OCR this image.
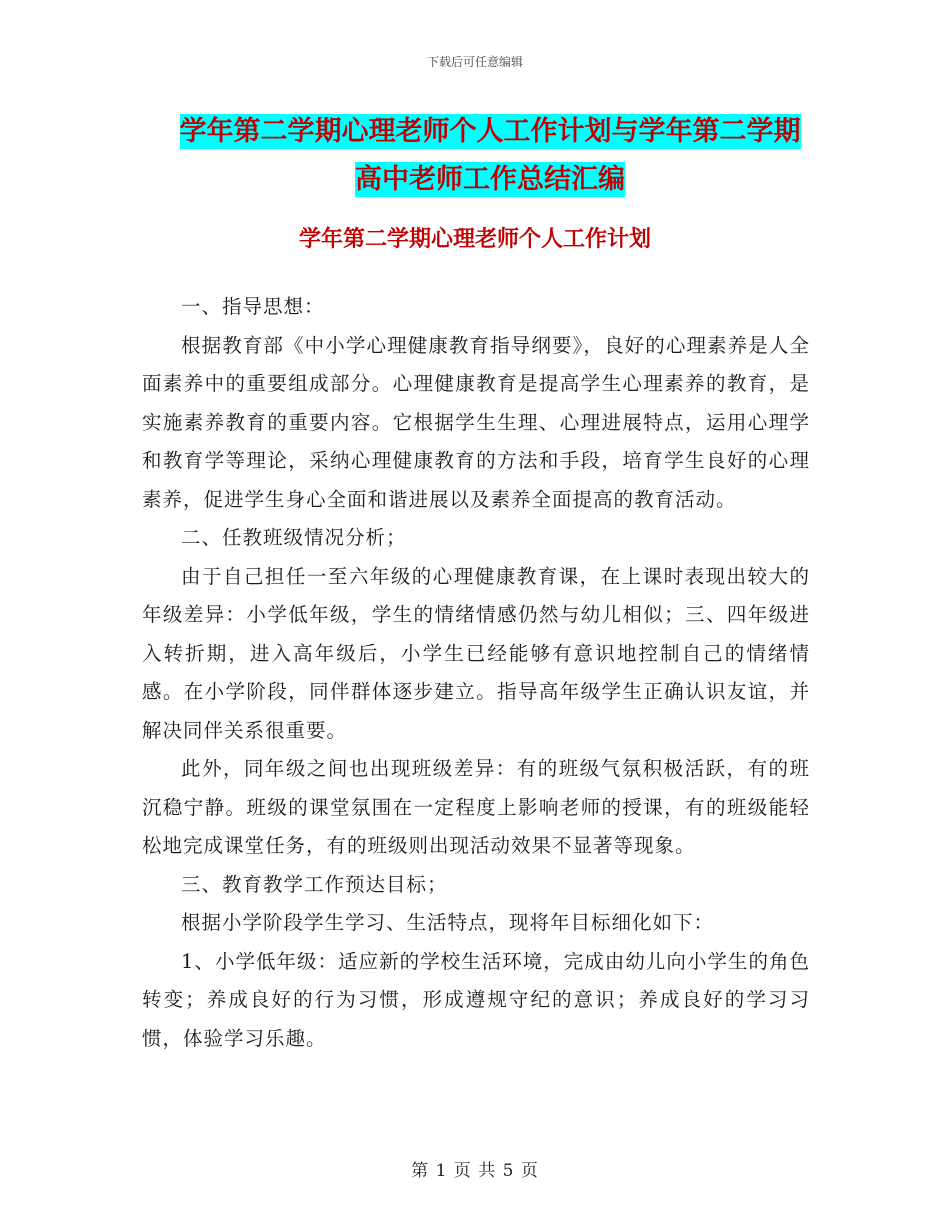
下载后可任意编辑
学年第二学期心理老师个人工作计划与学年第二学期
高中老师工作总结汇编
学年第二学期心理老师个人工作计划

一、指导思想：

根据教育部《中小学心理健康教育指导纲要》，良好的心理素养是人全面素养中的重要组成部分。心理健康教育是提高学生心理素养的教育，是实施素养教育的重要内容。它根据学生生理、心理进展特点，运用心理学和教育学等理论，采纳心理健康教育的方法和手段，培育学生良好的心理素养，促进学生身心全面和谐进展以及素养全面提高的教育活动。

二、任教班级情况分析；

由于自己担任一至六年级的心理健康教育课，在上课时表现出较大的年级差异：小学低年级，学生的情绪情感仍然与幼儿相似；三、四年级进入转折期，进入高年级后，小学生已经能够有意识地控制自己的情绪情感。在小学阶段，同伴群体逐步建立。指导高年级学生正确认识友谊，并解决同伴关系很重要。

此外，同年级之间也出现班级差异：有的班级气氛积极活跃，有的班沉稳宁静。班级的课堂氛围在一定程度上影响老师的授课，有的班级能轻松地完成课堂任务，有的班级则出现活动效果不显著等现象。

三、教育教学工作预达目标；

根据小学阶段学生学习、生活特点，现将年目标细化如下：

1、小学低年级：适应新的学校生活环境，完成由幼儿向小学生的角色转变；养成良好的行为习惯，形成遵规守纪的意识；养成良好的学习习惯，体验学习乐趣。

第 1 页 共 5 页
